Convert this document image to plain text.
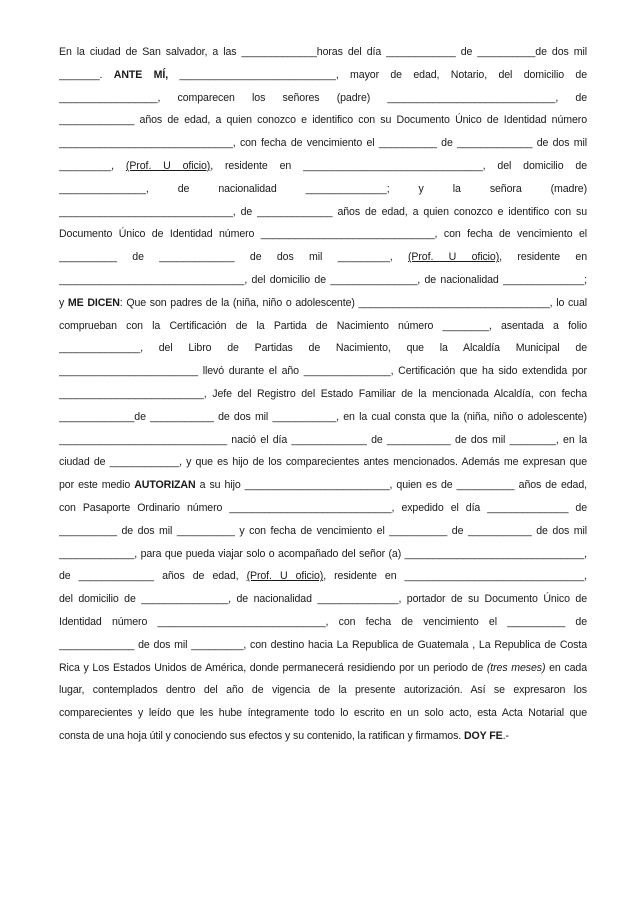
En la ciudad de San salvador, a las _____________horas del día ____________ de __________de dos mil
_______. ANTE MÍ, ___________________________, mayor de edad, Notario, del domicilio de
_________________, comparecen los señores (padre) _____________________________, de
_____________ años de edad, a quien conozco e identifico con su Documento Único de Identidad número
______________________________, con fecha de vencimiento el __________ de _____________ de dos mil
_________, (Prof. U oficio), residente en _______________________________, del domicilio de
_______________, de nacionalidad ______________; y la señora (madre)
______________________________, de _____________ años de edad, a quien conozco e identifico con su
Documento Único de Identidad número ______________________________, con fecha de vencimiento el
__________ de _____________ de dos mil _________, (Prof. U oficio), residente en
________________________________, del domicilio de _______________, de nacionalidad ______________;
y ME DICEN: Que son padres de la (niña, niño o adolescente) _________________________________, lo cual
comprueban con la Certificación de la Partida de Nacimiento número ________, asentada a folio
______________, del Libro de Partidas de Nacimiento, que la Alcaldía Municipal de
________________________ llevó durante el año _______________, Certificación que ha sido extendida por
_________________________, Jefe del Registro del Estado Familiar de la mencionada Alcaldía, con fecha
_____________de ___________ de dos mil ___________, en la cual consta que la (niña, niño o adolescente)
_____________________________ nació el día _____________ de ___________ de dos mil ________, en la
ciudad de ____________, y que es hijo de los comparecientes antes mencionados. Además me expresan que
por este medio AUTORIZAN a su hijo _________________________, quien es de __________ años de edad,
con Pasaporte Ordinario número ____________________________, expedido el día ______________ de
__________ de dos mil __________ y con fecha de vencimiento el __________ de ___________ de dos mil
_____________, para que pueda viajar solo o acompañado del señor (a) _______________________________,
de _____________ años de edad, (Prof. U oficio), residente en _______________________________,
del domicilio de _______________, de nacionalidad ______________, portador de su Documento Único de
Identidad número _____________________________, con fecha de vencimiento el __________ de
_____________ de dos mil _________, con destino hacia La Republica de Guatemala , La Republica de Costa
Rica y Los Estados Unidos de América, donde permanecerá residiendo por un periodo de (tres meses) en cada
lugar, contemplados dentro del año de vigencia de la presente autorización. Así se expresaron los
comparecientes y leído que les hube íntegramente todo lo escrito en un solo acto, esta Acta Notarial que
consta de una hoja útil y conociendo sus efectos y su contenido, la ratifican y firmamos. DOY FE.-
